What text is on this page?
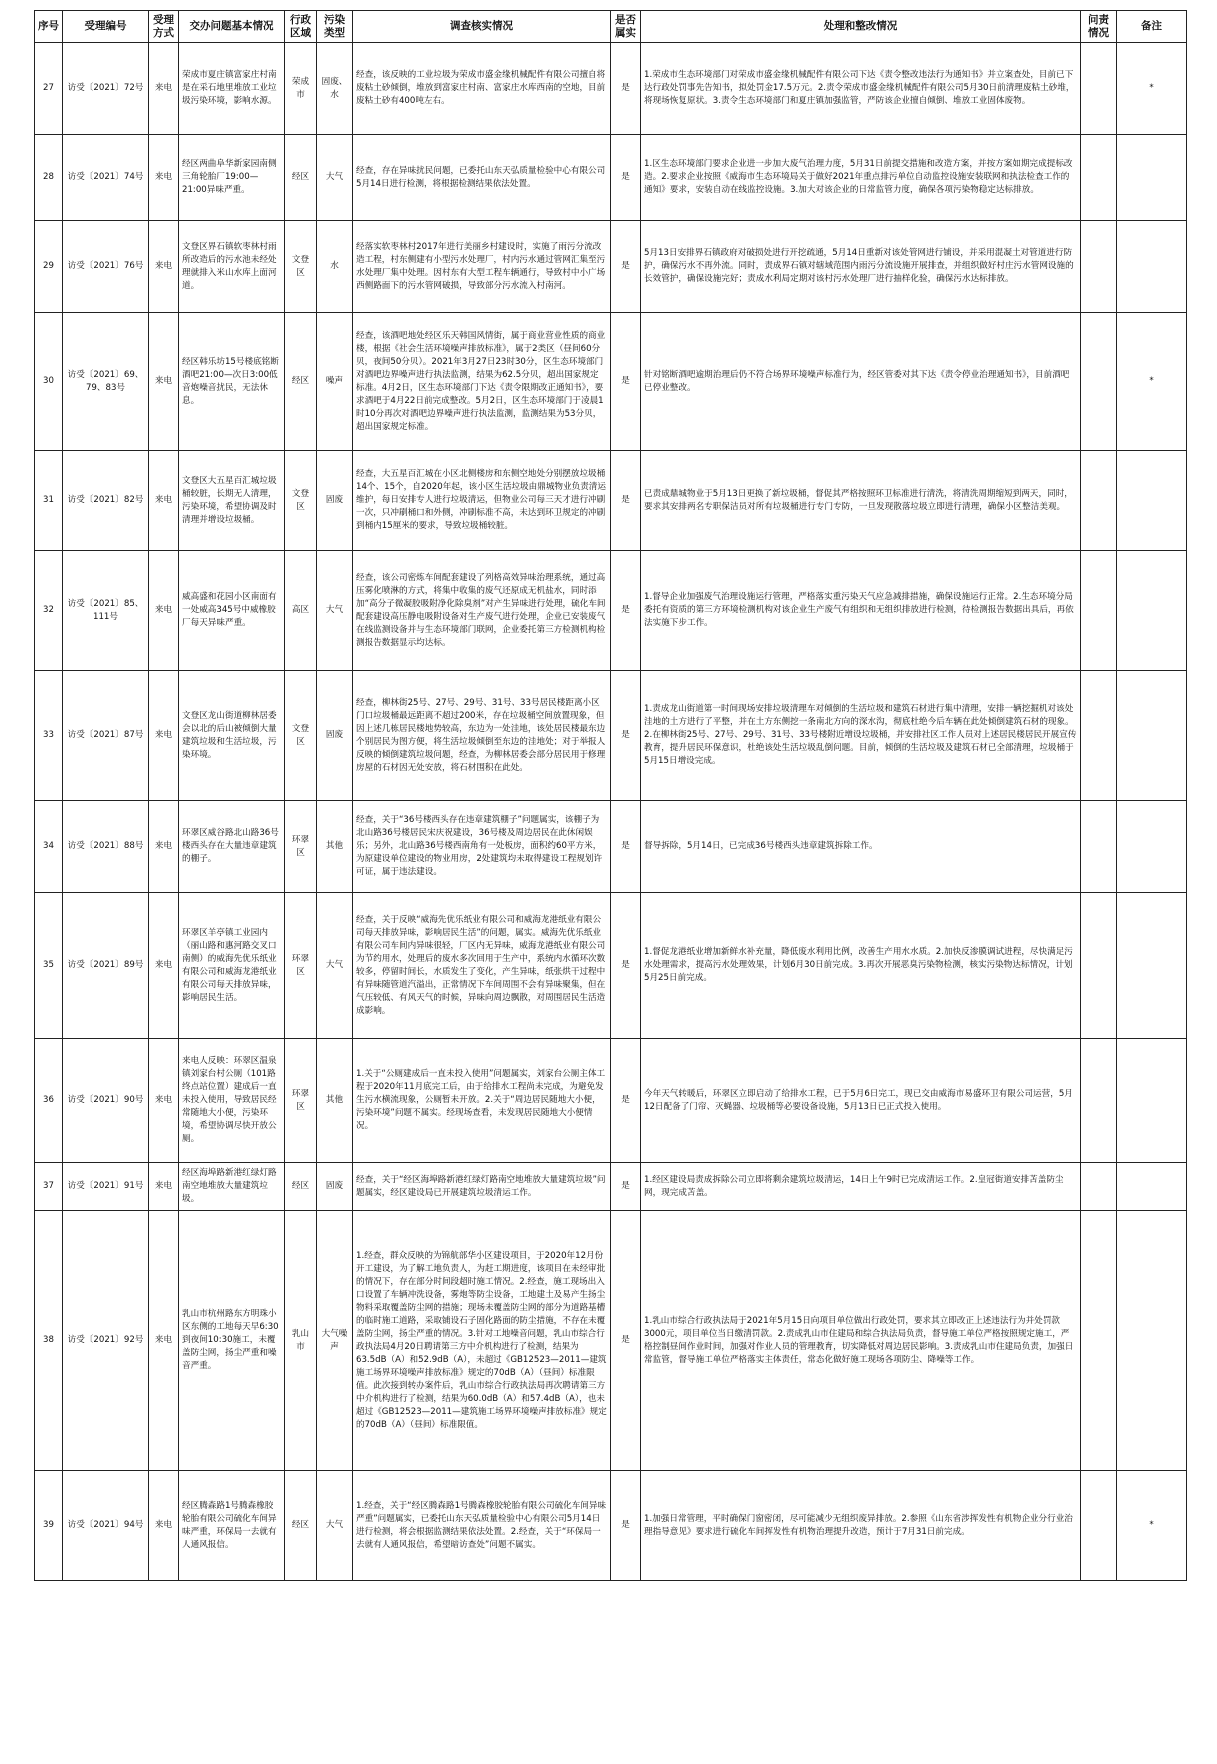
序号	受理编号	受理方式	交办问题基本情况	行政区域	污染类型	调查核实情况	是否属实	处理和整改情况	问责情况	备注
27	访受〔2021〕72号	来电	荣成市夏庄镇富家庄村南是在采石地里堆放工业垃圾污染环境，影响水源。	荣成市	固废、水	经查，该反映的工业垃圾为荣成市盛金缘机械配件有限公司擅自将废粘土砂倾倒，堆放到富家庄村南、富家庄水库西南的空地，目前废粘土砂有400吨左右。	是	1.荣成市生态环境部门对荣成市盛金缘机械配件有限公司下达《责令整改违法行为通知书》并立案查处，目前已下达行政处罚事先告知书，拟处罚金17.5万元。2.责令荣成市盛金缘机械配件有限公司5月30日前清理废粘土砂堆，将现场恢复原状。3.责令生态环境部门和夏庄镇加强监管，严防该企业擅自倾倒、堆放工业固体废物。		*
28	访受〔2021〕74号	来电	经区两曲阜华新家园南侧三角轮胎厂19:00—21:00异味严重。	经区	大气	经查，存在异味扰民问题，已委托山东天弘质量检验中心有限公司5月14日进行检测，将根据检测结果依法处置。	是	1.区生态环境部门要求企业进一步加大废气治理力度，5月31日前提交措施和改造方案，并按方案如期完成提标改造。2.要求企业按照《威海市生态环境局关于做好2021年重点排污单位自动监控设施安装联网和执法检查工作的通知》要求，安装自动在线监控设施。3.加大对该企业的日常监管力度，确保各项污染物稳定达标排放。		
29	访受〔2021〕76号	来电	文登区界石镇软枣林村雨所改造后的污水池未经处理就排入米山水库上面河道。	文登区	水	经落实软枣林村2017年进行美丽乡村建设时，实施了雨污分流改造工程，村东侧建有小型污水处理厂，村内污水通过管网汇集至污水处理厂集中处理。因村东有大型工程车辆通行，导致村中小广场西侧路面下的污水管网破损，导致部分污水流入村南河。	是	5月13日安排界石镇政府对破损处进行开挖疏通，5月14日重新对该处管网进行铺设，并采用混凝土对管道进行防护，确保污水不再外流。同时，责成界石镇对辖域范围内雨污分流设施开展排查，并组织做好村庄污水管网设施的长效管护，确保设施完好；责成水利局定期对该村污水处理厂进行抽样化验，确保污水达标排放。		
30	访受〔2021〕69、79、83号	来电	经区韩乐坊15号楼底铭断酒吧21:00—次日3:00低音炮噪音扰民，无法休息。	经区	噪声	经查，该酒吧地处经区乐天韩国风情街，属于商业营业性质的商业楼，根据《社会生活环境噪声排放标准》，属于2类区（昼间60分贝，夜间50分贝）。2021年3月27日23时30分，区生态环境部门对酒吧边界噪声进行执法监测，结果为62.5分贝，超出国家规定标准。4月2日，区生态环境部门下达《责令限期改正通知书》，要求酒吧于4月22日前完成整改。5月2日，区生态环境部门于凌晨1时10分再次对酒吧边界噪声进行执法监测，监测结果为53分贝，超出国家规定标准。	是	针对铭断酒吧逾期治理后仍不符合场界环境噪声标准行为，经区管委对其下达《责令停业治理通知书》，目前酒吧已停业整改。		*
31	访受〔2021〕82号	来电	文登区大五星百汇城垃圾桶较脏，长期无人清理，污染环境，希望协调及时清理并增设垃圾桶。	文登区	固废	经查，大五星百汇城在小区北侧楼房和东侧空地处分别摆放垃圾桶14个、15个，自2020年起，该小区生活垃圾由鼎城物业负责清运维护，每日安排专人进行垃圾清运，但物业公司每三天才进行冲刷一次，只冲刷桶口和外侧，冲刷标准不高，未达到环卫规定的冲刷到桶内15厘米的要求，导致垃圾桶较脏。	是	已责成鼎城物业于5月13日更换了新垃圾桶，督促其严格按照环卫标准进行清洗，将清洗周期缩短到两天，同时，要求其安排两名专职保洁员对所有垃圾桶进行专门专防，一旦发现散落垃圾立即进行清理，确保小区整洁美观。		
32	访受〔2021〕85、111号	来电	威高盛和花园小区南面有一处威高345号中威橡胶厂每天异味严重。	高区	大气	经查，该公司密炼车间配套建设了列格高效异味治理系统，通过高压雾化喷淋的方式，将集中收集的废气还原成无机盐水，同时添加“高分子微凝胶吸附净化除臭剂”对产生异味进行处理，硫化车间配套建设高压静电吸附设备对生产废气进行处理，企业已安装废气在线监测设备并与生态环境部门联网，企业委托第三方检测机构检测报告数据显示均达标。	是	1.督导企业加强废气治理设施运行管理，严格落实重污染天气应急减排措施，确保设施运行正常。2.生态环境分局委托有资质的第三方环境检测机构对该企业生产废气有组织和无组织排放进行检测，待检测报告数据出具后，再依法实施下步工作。		
33	访受〔2021〕87号	来电	文登区龙山街道柳林居委会以北的后山被倾倒大量建筑垃圾和生活垃圾，污染环境。	文登区	固废	经查，柳林街25号、27号、29号、31号、33号居民楼距离小区门口垃圾桶最远距离不超过200米，存在垃圾桶空间放置现象，但因上述几栋居民楼地势较高，东边为一处洼地，该处居民楼最东边个别居民为图方便，将生活垃圾倾倒至东边的洼地处；对于举报人反映的倾倒建筑垃圾问题，经查，为柳林居委会部分居民用于修理房屋的石材因无处安放，将石材围积在此处。	是	1.责成龙山街道第一时间现场安排垃圾清理车对倾倒的生活垃圾和建筑石材进行集中清理，安排一辆挖掘机对该处洼地的土方进行了平整，并在土方东侧挖一条南北方向的深水沟，彻底杜绝今后车辆在此处倾倒建筑石材的现象。2.在柳林街25号、27号、29号、31号、33号楼附近增设垃圾桶，并安排社区工作人员对上述居民楼居民开展宣传教育，提升居民环保意识，杜绝该处生活垃圾乱倒问题。目前，倾倒的生活垃圾及建筑石材已全部清理，垃圾桶于5月15日增设完成。		
34	访受〔2021〕88号	来电	环翠区威谷路北山路36号楼西头存在大量违章建筑的棚子。	环翠区	其他	经查，关于“36号楼西头存在违章建筑棚子”问题属实，该棚子为北山路36号楼居民宋庆祝建设，36号楼及周边居民在此休闲娱乐；另外，北山路36号楼西南角有一处板房，面积约60平方米，为原建设单位建设的物业用房，2处建筑均未取得建设工程规划许可证，属于违法建设。	是	督导拆除，5月14日，已完成36号楼西头违章建筑拆除工作。		
35	访受〔2021〕89号	来电	环翠区羊亭镇工业园内（丽山路和惠河路交叉口南侧）的威海先优乐纸业有限公司和威海龙港纸业有限公司每天排放异味，影响居民生活。	环翠区	大气	经查，关于反映“威海先优乐纸业有限公司和威海龙港纸业有限公司每天排放异味，影响居民生活”的问题，属实。威海先优乐纸业有限公司车间内异味很轻，厂区内无异味，威海龙港纸业有限公司为节约用水，处理后的废水多次回用于生产中，系统内水循环次数较多，停留时间长，水质发生了变化，产生异味，纸张烘干过程中有异味随管道汽溢出，正常情况下车间周围不会有异味聚集，但在气压较低、有风天气的时候，异味向周边飘散，对周围居民生活造成影响。	是	1.督促龙港纸业增加新鲜水补充量，降低废水利用比例，改善生产用水水质。2.加快反渗膜调试进程，尽快满足污水处理需求，提高污水处理效果，计划6月30日前完成。3.再次开展恶臭污染物检测，核实污染物达标情况，计划5月25日前完成。		
36	访受〔2021〕90号	来电	来电人反映：环翠区温泉镇刘家台村公厕（101路终点站位置）建成后一直未投入使用，导致居民经常随地大小便，污染环境，希望协调尽快开放公厕。	环翠区	其他	1.关于“公厕建成后一直未投入使用”问题属实，刘家台公厕主体工程于2020年11月底完工后，由于给排水工程尚未完成，为避免发生污水横流现象，公厕暂未开放。2.关于“周边居民随地大小便，污染环境”问题不属实。经现场查看，未发现居民随地大小便情况。	是	今年天气转暖后，环翠区立即启动了给排水工程，已于5月6日完工，现已交由威海市易盛环卫有限公司运营，5月12日配备了门帘、灭蝇器、垃圾桶等必要设备设施，5月13日已正式投入使用。		
37	访受〔2021〕91号	来电	经区海埠路新港红绿灯路南空地堆放大量建筑垃圾。	经区	固废	经查，关于“经区海埠路新港红绿灯路南空地堆放大量建筑垃圾”问题属实，经区建设局已开展建筑垃圾清运工作。	是	1.经区建设局责成拆除公司立即将剩余建筑垃圾清运，14日上午9时已完成清运工作。2.皇冠街道安排苫盖防尘网，现完成苫盖。		
38	访受〔2021〕92号	来电	乳山市杭州路东方明珠小区东侧的工地每天早6:30到夜间10:30施工，未覆盖防尘网，扬尘严重和噪音严重。	乳山市	大气噪声	1.经查，群众反映的为锦航部华小区建设项目，于2020年12月份开工建设，为了解工地负责人，为赶工期进度，该项目在未经审批的情况下，存在部分时间段超时施工情况。2.经查，施工现场出入口设置了车辆冲洗设备，雾炮等防尘设备，工地建土及易产生扬尘物料采取覆盖防尘网的措施；现场未覆盖防尘网的部分为道路基槽的临时施工道路，采取铺设石子固化路面的防尘措施，不存在未覆盖防尘网，扬尘严重的情况。3.针对工地噪音问题，乳山市综合行政执法局4月20日聘请第三方中介机构进行了检测，结果为63.5dB（A）和52.9dB（A），未超过《GB12523—2011—建筑施工场界环境噪声排放标准》规定的70dB（A）（昼间）标准限值。此次接到转办案件后，乳山市综合行政执法局再次聘请第三方中介机构进行了检测，结果为60.0dB（A）和57.4dB（A），也未超过《GB12523—2011—建筑施工场界环境噪声排放标准》规定的70dB（A）（昼间）标准限值。	是	1.乳山市综合行政执法局于2021年5月15日向项目单位做出行政处罚，要求其立即改正上述违法行为并处罚款3000元，项目单位当日缴清罚款。2.责成乳山市住建局和综合执法局负责，督导施工单位严格按照规定施工，严格控制昼间作业时间，加强对作业人员的管理教育，切实降低对周边居民影响。3.责成乳山市住建局负责，加强日常监管，督导施工单位严格落实主体责任，常态化做好施工现场各项防尘、降噪等工作。		
39	访受〔2021〕94号	来电	经区腾森路1号腾森橡胶轮胎有限公司硫化车间异味严重，环保局一去就有人通风报信。	经区	大气	1.经查，关于“经区腾森路1号腾森橡胶轮胎有限公司硫化车间异味严重”问题属实，已委托山东天弘质量检验中心有限公司5月14日进行检测，将会根据监测结果依法处置。2.经查，关于“环保局一去就有人通风报信，希望暗访查处”问题不属实。	是	1.加强日常管理，平时确保门窗密闭，尽可能减少无组织废异排放。2.参照《山东省涉挥发性有机物企业分行业治理指导意见》要求进行硫化车间挥发性有机物治理提升改造，预计于7月31日前完成。		*
